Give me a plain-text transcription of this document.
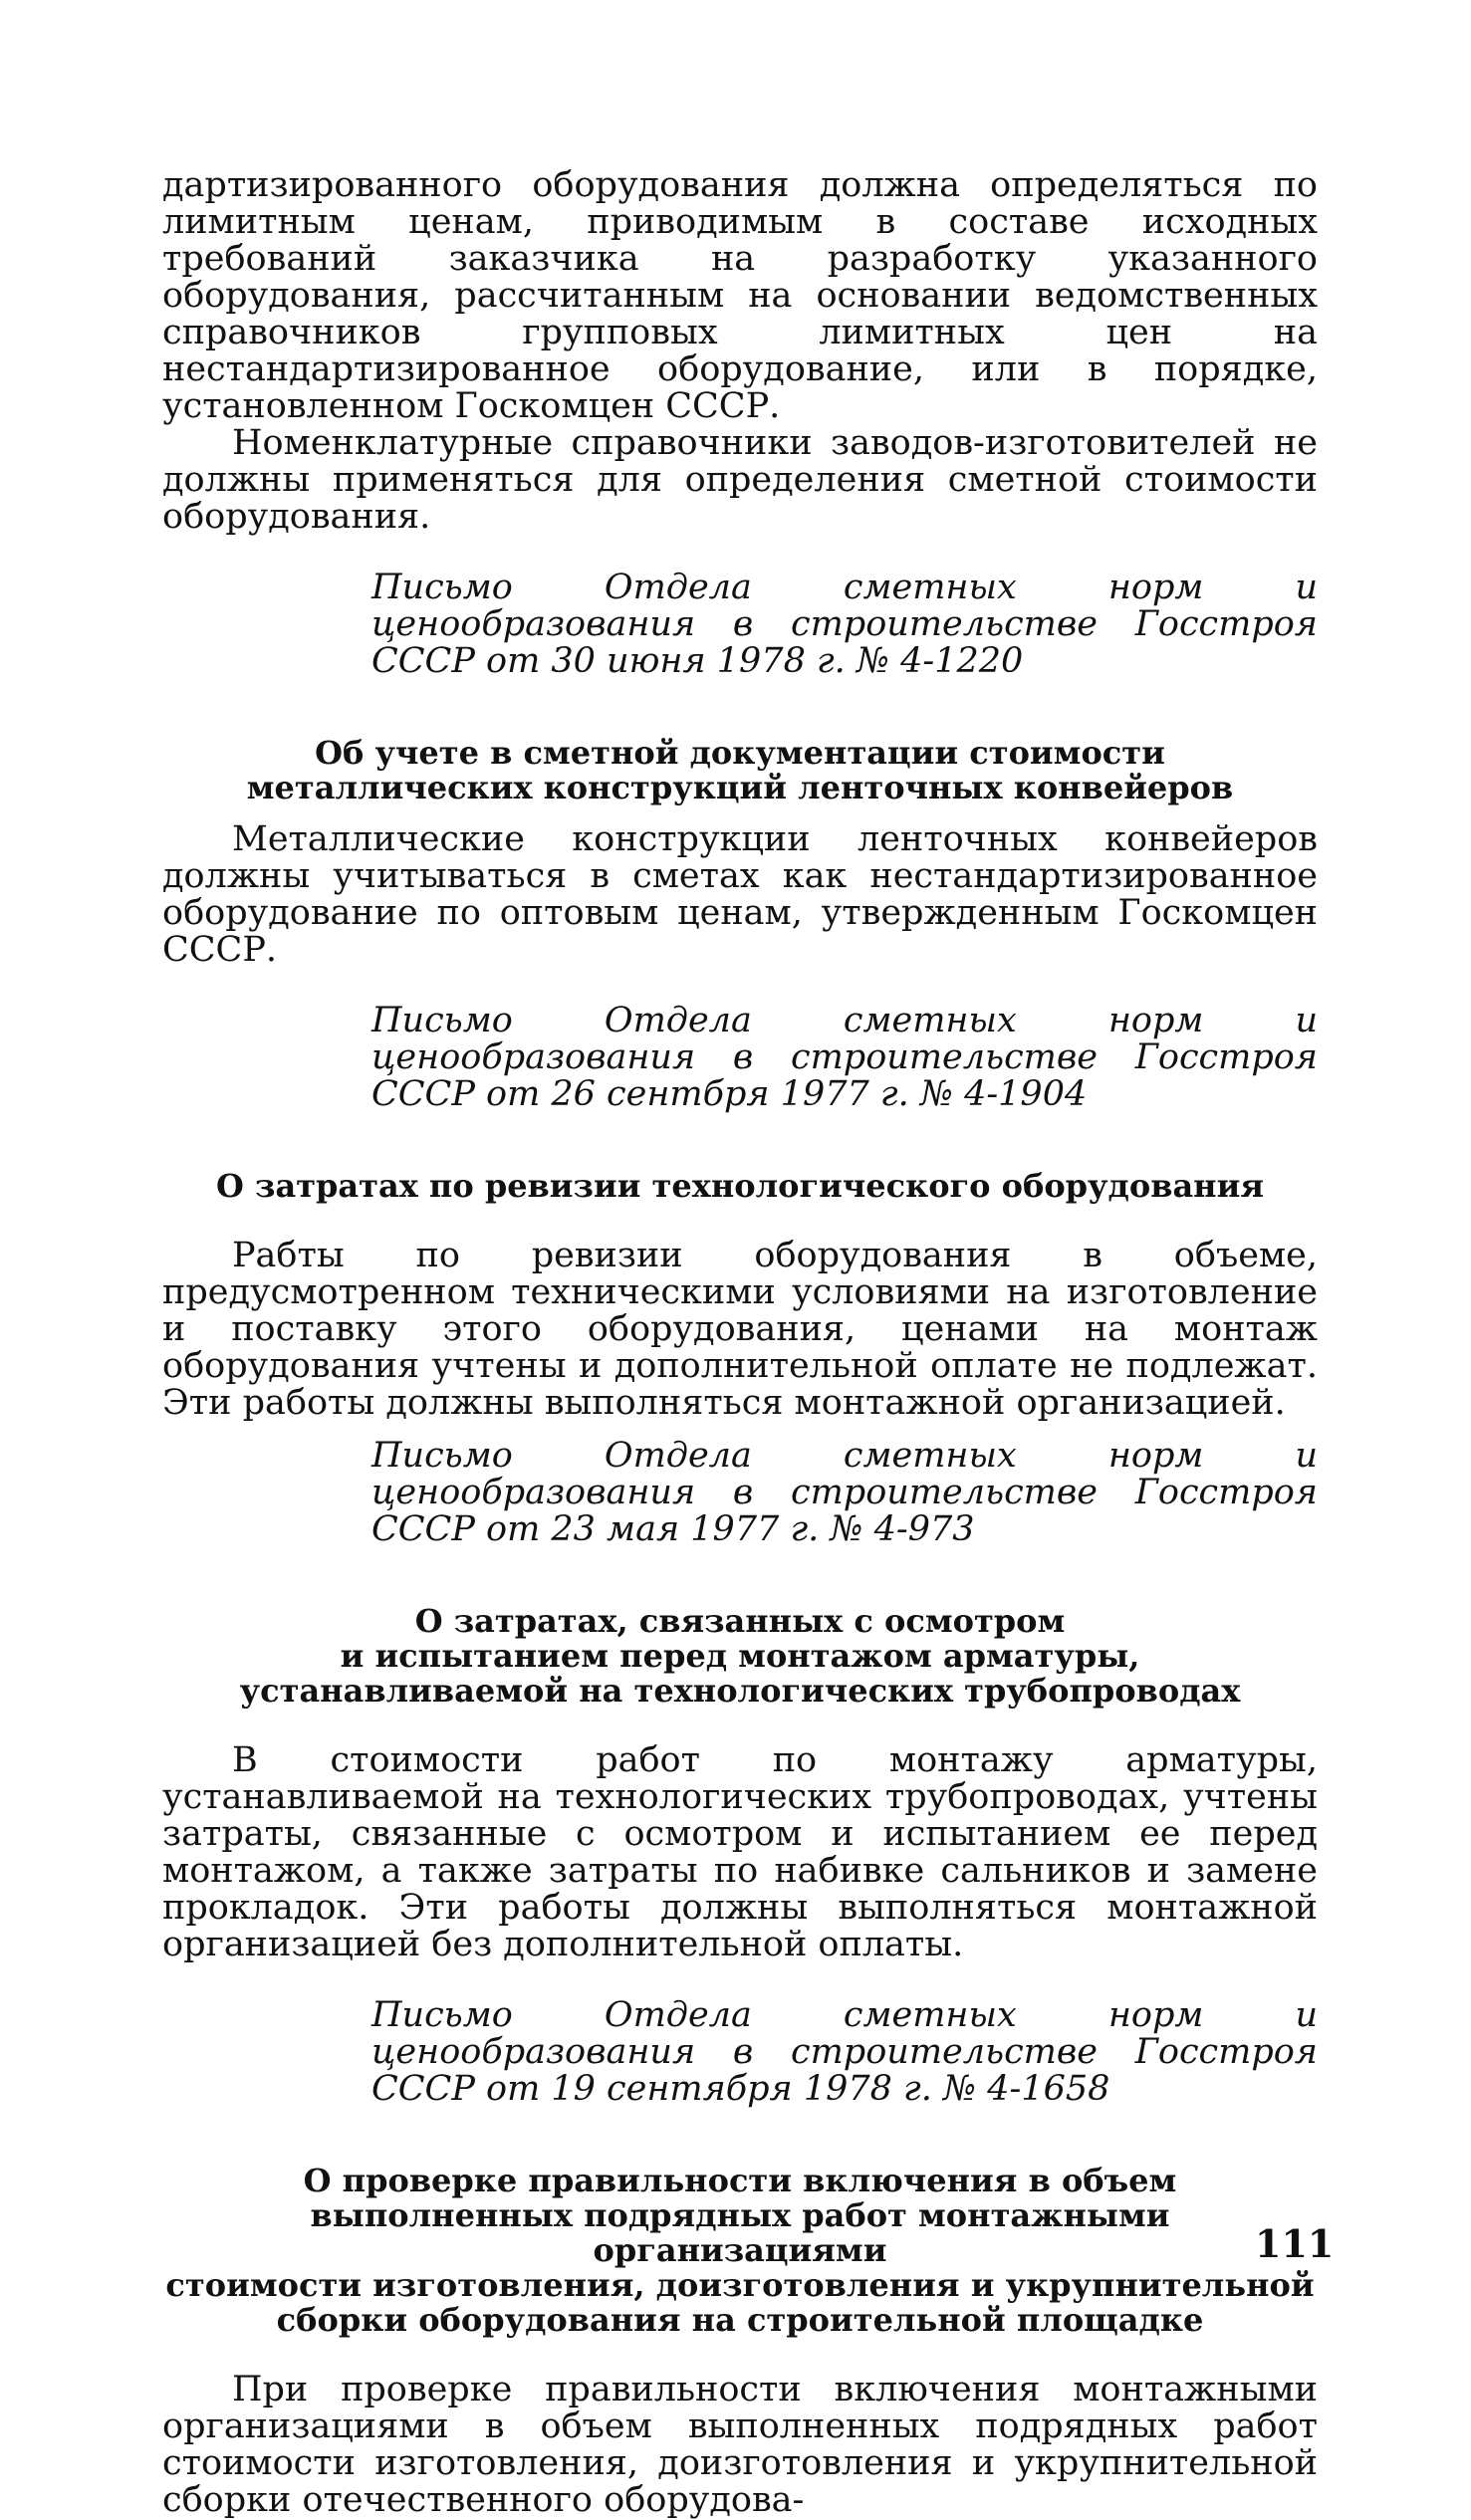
дартизированного оборудования должна определяться по лимитным ценам, приводимым в составе исходных требований заказчика на разработку указанного оборудования, рассчитанным на основании ведомственных справочников групповых лимитных цен на нестандартизированное оборудование, или в порядке, установленном Госкомцен СССР.

Номенклатурные справочники заводов-изготовителей не должны применяться для определения сметной стоимости оборудования.

Письмо Отдела сметных норм и ценообразования в строительстве Госстроя СССР от 30 июня 1978 г. № 4-1220

Об учете в сметной документации стоимости
металлических конструкций ленточных конвейеров

Металлические конструкции ленточных конвейеров должны учитываться в сметах как нестандартизированное оборудование по оптовым ценам, утвержденным Госкомцен СССР.

Письмо Отдела сметных норм и ценообразования в строительстве Госстроя СССР от 26 сентбря 1977 г. № 4-1904

О затратах по ревизии технологического оборудования

Рабты по ревизии оборудования в объеме, предусмотренном техническими условиями на изготовление и поставку этого оборудования, ценами на монтаж оборудования учтены и дополнительной оплате не подлежат. Эти работы должны выполняться монтажной организацией.

Письмо Отдела сметных норм и ценообразования в строительстве Госстроя СССР от 23 мая 1977 г. № 4-973

О затратах, связанных с осмотром
и испытанием перед монтажом арматуры,
устанавливаемой на технологических трубопроводах

В стоимости работ по монтажу арматуры, устанавливаемой на технологических трубопроводах, учтены затраты, связанные с осмотром и испытанием ее перед монтажом, а также затраты по набивке сальников и замене прокладок. Эти работы должны выполняться монтажной организацией без дополнительной оплаты.

Письмо Отдела сметных норм и ценообразования в строительстве Госстроя СССР от 19 сентября 1978 г. № 4-1658

О проверке правильности включения в объем
выполненных подрядных работ монтажными организациями
стоимости изготовления, доизготовления и укрупнительной
сборки оборудования на строительной площадке

При проверке правильности включения монтажными организациями в объем выполненных подрядных работ стоимости изготовления, доизготовления и укрупнительной сборки отечественного оборудова-

111
